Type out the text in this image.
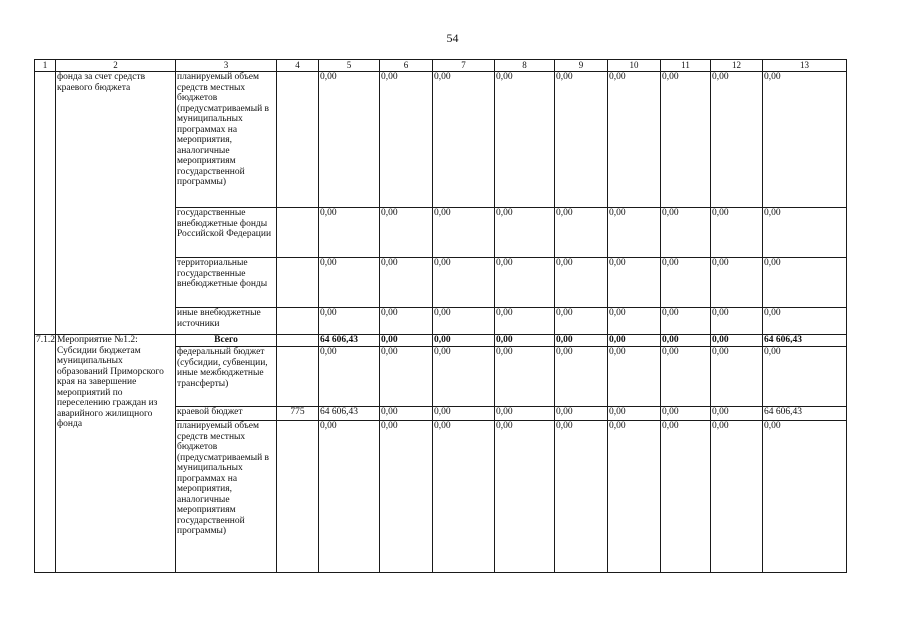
54
1	2	3	4	5	6	7	8	9	10	11	12	13
	фонда за счет средств краевого бюджета	планируемый объем средств местных бюджетов (предусматриваемый в муниципальных программах на мероприятия, аналогичные мероприятиям государственной программы)		0,00	0,00	0,00	0,00	0,00	0,00	0,00	0,00	0,00
		государственные внебюджетные фонды Российской Федерации		0,00	0,00	0,00	0,00	0,00	0,00	0,00	0,00	0,00
		территориальные государственные внебюджетные фонды		0,00	0,00	0,00	0,00	0,00	0,00	0,00	0,00	0,00
		иные внебюджетные источники		0,00	0,00	0,00	0,00	0,00	0,00	0,00	0,00	0,00
7.1.2	Мероприятие №1.2: Субсидии бюджетам муниципальных образований Приморского края на завершение мероприятий по переселению граждан из аварийного жилищного фонда	Всего		64 606,43	0,00	0,00	0,00	0,00	0,00	0,00	0,00	64 606,43
		федеральный бюджет (субсидии, субвенции, иные межбюджетные трансферты)		0,00	0,00	0,00	0,00	0,00	0,00	0,00	0,00	0,00
		краевой бюджет	775	64 606,43	0,00	0,00	0,00	0,00	0,00	0,00	0,00	64 606,43
		планируемый объем средств местных бюджетов (предусматриваемый в муниципальных программах на мероприятия, аналогичные мероприятиям государственной программы)		0,00	0,00	0,00	0,00	0,00	0,00	0,00	0,00	0,00
